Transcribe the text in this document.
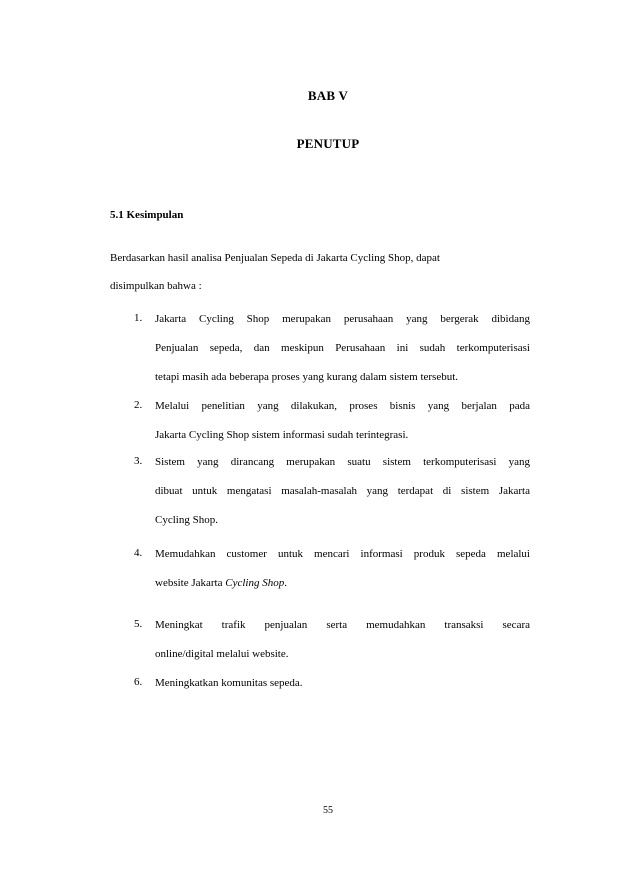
BAB V
PENUTUP
5.1 Kesimpulan
Berdasarkan hasil analisa Penjualan Sepeda di Jakarta Cycling Shop, dapat
disimpulkan bahwa :
1.	Jakarta Cycling Shop merupakan perusahaan yang bergerak dibidang
Penjualan sepeda, dan meskipun Perusahaan ini sudah terkomputerisasi
tetapi masih ada beberapa proses yang kurang dalam sistem tersebut.
2.	Melalui penelitian yang dilakukan, proses bisnis yang berjalan pada
Jakarta Cycling Shop sistem informasi sudah terintegrasi.
3.	Sistem yang dirancang merupakan suatu sistem terkomputerisasi yang
dibuat untuk mengatasi masalah-masalah yang terdapat di sistem Jakarta
Cycling Shop.
4.	Memudahkan customer untuk mencari informasi produk sepeda melalui
website Jakarta Cycling Shop.
5.	Meningkat trafik penjualan serta memudahkan transaksi secara
online/digital melalui website.
6.	Meningkatkan komunitas sepeda.
55
